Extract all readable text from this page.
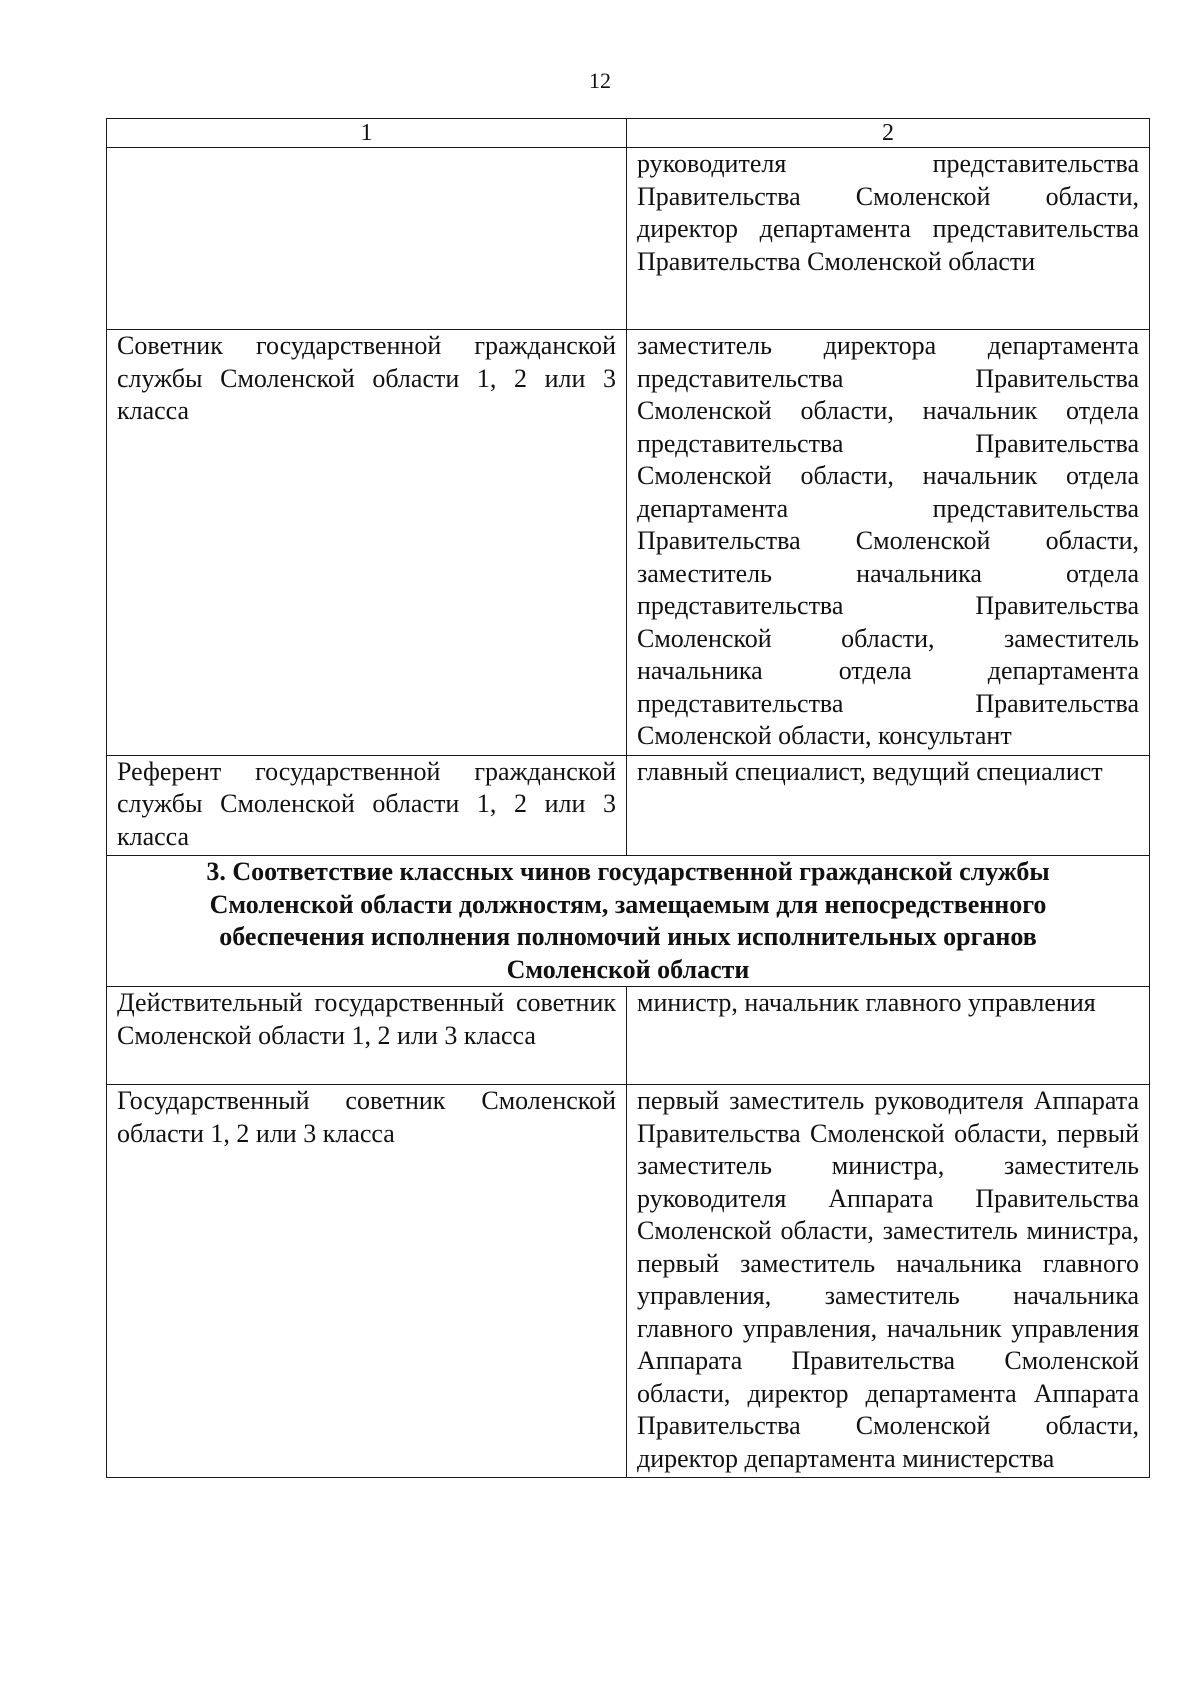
12
1	2
	руководителя представительства Правительства Смоленской области, директор департамента представительства Правительства Смоленской области
Советник государственной гражданской службы Смоленской области 1, 2 или 3 класса	заместитель директора департамента представительства Правительства Смоленской области, начальник отдела представительства Правительства Смоленской области, начальник отдела департамента представительства Правительства Смоленской области, заместитель начальника отдела представительства Правительства Смоленской области, заместитель начальника отдела департамента представительства Правительства Смоленской области, консультант
Референт государственной гражданской службы Смоленской области 1, 2 или 3 класса	главный специалист, ведущий специалист
3. Соответствие классных чинов государственной гражданской службы Смоленской области должностям, замещаемым для непосредственного обеспечения исполнения полномочий иных исполнительных органов Смоленской области	
Действительный государственный советник Смоленской области 1, 2 или 3 класса	министр, начальник главного управления
Государственный советник Смоленской области 1, 2 или 3 класса	первый заместитель руководителя Аппарата Правительства Смоленской области, первый заместитель министра, заместитель руководителя Аппарата Правительства Смоленской области, заместитель министра, первый заместитель начальника главного управления, заместитель начальника главного управления, начальник управления Аппарата Правительства Смоленской области, директор департамента Аппарата Правительства Смоленской области, директор департамента министерства
